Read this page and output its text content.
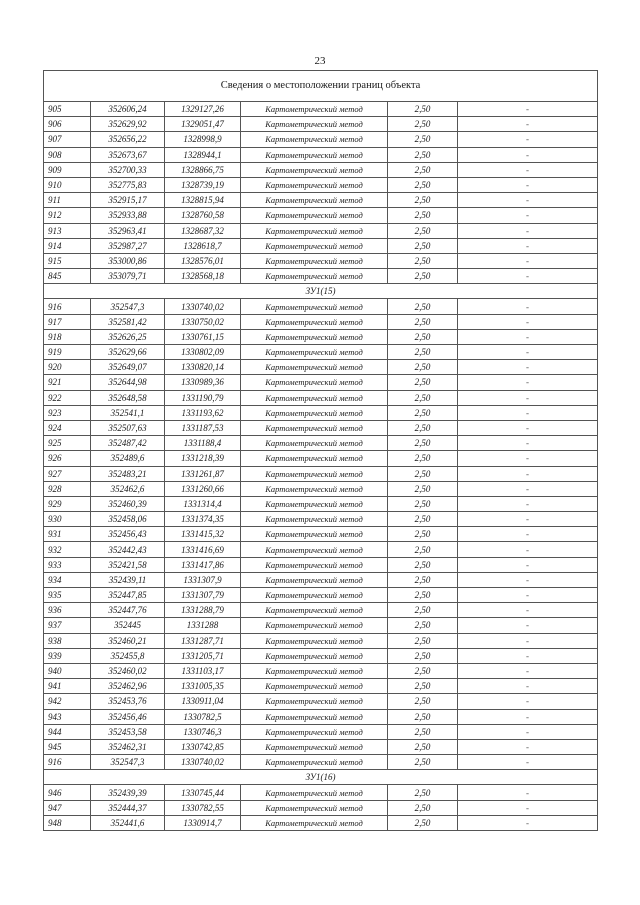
23
Сведения о местоположении границ объекта					
905	352606,24	1329127,26	Картометрический метод	2,50	-
906	352629,92	1329051,47	Картометрический метод	2,50	-
907	352656,22	1328998,9	Картометрический метод	2,50	-
908	352673,67	1328944,1	Картометрический метод	2,50	-
909	352700,33	1328866,75	Картометрический метод	2,50	-
910	352775,83	1328739,19	Картометрический метод	2,50	-
911	352915,17	1328815,94	Картометрический метод	2,50	-
912	352933,88	1328760,58	Картометрический метод	2,50	-
913	352963,41	1328687,32	Картометрический метод	2,50	-
914	352987,27	1328618,7	Картометрический метод	2,50	-
915	353000,86	1328576,01	Картометрический метод	2,50	-
845	353079,71	1328568,18	Картометрический метод	2,50	-
ЗУ1(15)					
916	352547,3	1330740,02	Картометрический метод	2,50	-
917	352581,42	1330750,02	Картометрический метод	2,50	-
918	352626,25	1330761,15	Картометрический метод	2,50	-
919	352629,66	1330802,09	Картометрический метод	2,50	-
920	352649,07	1330820,14	Картометрический метод	2,50	-
921	352644,98	1330989,36	Картометрический метод	2,50	-
922	352648,58	1331190,79	Картометрический метод	2,50	-
923	352541,1	1331193,62	Картометрический метод	2,50	-
924	352507,63	1331187,53	Картометрический метод	2,50	-
925	352487,42	1331188,4	Картометрический метод	2,50	-
926	352489,6	1331218,39	Картометрический метод	2,50	-
927	352483,21	1331261,87	Картометрический метод	2,50	-
928	352462,6	1331260,66	Картометрический метод	2,50	-
929	352460,39	1331314,4	Картометрический метод	2,50	-
930	352458,06	1331374,35	Картометрический метод	2,50	-
931	352456,43	1331415,32	Картометрический метод	2,50	-
932	352442,43	1331416,69	Картометрический метод	2,50	-
933	352421,58	1331417,86	Картометрический метод	2,50	-
934	352439,11	1331307,9	Картометрический метод	2,50	-
935	352447,85	1331307,79	Картометрический метод	2,50	-
936	352447,76	1331288,79	Картометрический метод	2,50	-
937	352445	1331288	Картометрический метод	2,50	-
938	352460,21	1331287,71	Картометрический метод	2,50	-
939	352455,8	1331205,71	Картометрический метод	2,50	-
940	352460,02	1331103,17	Картометрический метод	2,50	-
941	352462,96	1331005,35	Картометрический метод	2,50	-
942	352453,76	1330911,04	Картометрический метод	2,50	-
943	352456,46	1330782,5	Картометрический метод	2,50	-
944	352453,58	1330746,3	Картометрический метод	2,50	-
945	352462,31	1330742,85	Картометрический метод	2,50	-
916	352547,3	1330740,02	Картометрический метод	2,50	-
ЗУ1(16)					
946	352439,39	1330745,44	Картометрический метод	2,50	-
947	352444,37	1330782,55	Картометрический метод	2,50	-
948	352441,6	1330914,7	Картометрический метод	2,50	-
